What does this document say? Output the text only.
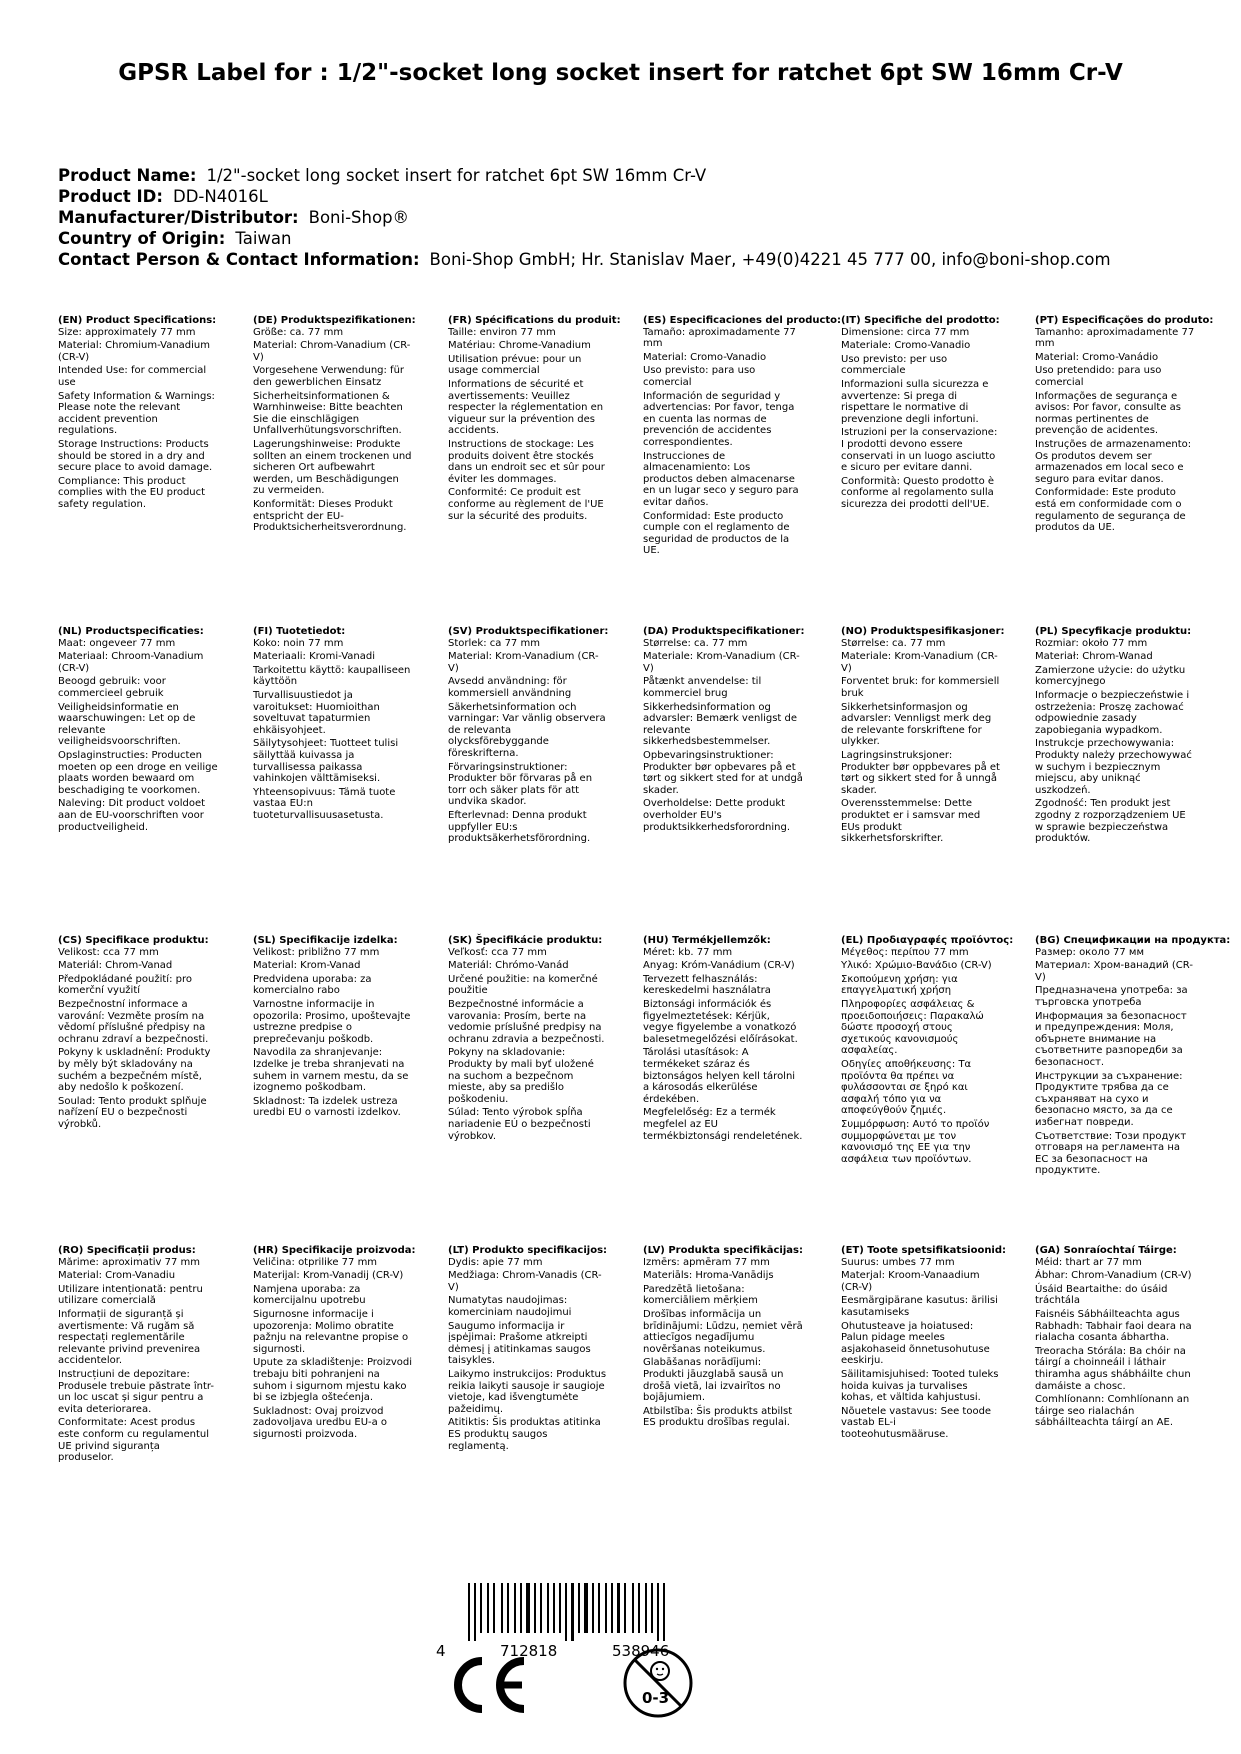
GPSR Label for : 1/2"-socket long socket insert for ratchet 6pt SW 16mm Cr-V
Product Name: 1/2"-socket long socket insert for ratchet 6pt SW 16mm Cr-V
Product ID: DD-N4016L
Manufacturer/Distributor: Boni-Shop®
Country of Origin: Taiwan
Contact Person & Contact Information: Boni-Shop GmbH; Hr. Stanislav Maer, +49(0)4221 45 777 00, info@boni-shop.com
(EN) Product Specifications:
Size: approximately 77 mm
Material: Chromium-Vanadium (CR-V)
Intended Use: for commercial use
Safety Information & Warnings: Please note the relevant accident prevention regulations.
Storage Instructions: Products should be stored in a dry and secure place to avoid damage.
Compliance: This product complies with the EU product safety regulation.
(DE) Produktspezifikationen:
Größe: ca. 77 mm
Material: Chrom-Vanadium (CR-V)
Vorgesehene Verwendung: für den gewerblichen Einsatz
Sicherheitsinformationen & Warnhinweise: Bitte beachten Sie die einschlägigen Unfallverhütungsvorschriften.
Lagerungshinweise: Produkte sollten an einem trockenen und sicheren Ort aufbewahrt werden, um Beschädigungen zu vermeiden.
Konformität: Dieses Produkt entspricht der EU-Produktsicherheitsverordnung.
(FR) Spécifications du produit:
Taille: environ 77 mm
Matériau: Chrome-Vanadium
Utilisation prévue: pour un usage commercial
Informations de sécurité et avertissements: Veuillez respecter la réglementation en vigueur sur la prévention des accidents.
Instructions de stockage: Les produits doivent être stockés dans un endroit sec et sûr pour éviter les dommages.
Conformité: Ce produit est conforme au règlement de l'UE sur la sécurité des produits.
(ES) Especificaciones del producto:
Tamaño: aproximadamente 77 mm
Material: Cromo-Vanadio
Uso previsto: para uso comercial
Información de seguridad y advertencias: Por favor, tenga en cuenta las normas de prevención de accidentes correspondientes.
Instrucciones de almacenamiento: Los productos deben almacenarse en un lugar seco y seguro para evitar daños.
Conformidad: Este producto cumple con el reglamento de seguridad de productos de la UE.
(IT) Specifiche del prodotto:
Dimensione: circa 77 mm
Materiale: Cromo-Vanadio
Uso previsto: per uso commerciale
Informazioni sulla sicurezza e avvertenze: Si prega di rispettare le normative di prevenzione degli infortuni.
Istruzioni per la conservazione: I prodotti devono essere conservati in un luogo asciutto e sicuro per evitare danni.
Conformità: Questo prodotto è conforme al regolamento sulla sicurezza dei prodotti dell'UE.
(PT) Especificações do produto:
Tamanho: aproximadamente 77 mm
Material: Cromo-Vanádio
Uso pretendido: para uso comercial
Informações de segurança e avisos: Por favor, consulte as normas pertinentes de prevenção de acidentes.
Instruções de armazenamento: Os produtos devem ser armazenados em local seco e seguro para evitar danos.
Conformidade: Este produto está em conformidade com o regulamento de segurança de produtos da UE.
(NL) Productspecificaties:
Maat: ongeveer 77 mm
Materiaal: Chroom-Vanadium (CR-V)
Beoogd gebruik: voor commercieel gebruik
Veiligheidsinformatie en waarschuwingen: Let op de relevante veiligheidsvoorschriften.
Opslaginstructies: Producten moeten op een droge en veilige plaats worden bewaard om beschadiging te voorkomen.
Naleving: Dit product voldoet aan de EU-voorschriften voor productveiligheid.
(FI) Tuotetiedot:
Koko: noin 77 mm
Materiaali: Kromi-Vanadi
Tarkoitettu käyttö: kaupalliseen käyttöön
Turvallisuustiedot ja varoitukset: Huomioithan soveltuvat tapaturmien ehkäisyohjeet.
Säilytysohjeet: Tuotteet tulisi säilyttää kuivassa ja turvallisessa paikassa vahinkojen välttämiseksi.
Yhteensopivuus: Tämä tuote vastaa EU:n tuoteturvallisuusasetusta.
(SV) Produktspecifikationer:
Storlek: ca 77 mm
Material: Krom-Vanadium (CR-V)
Avsedd användning: för kommersiell användning
Säkerhetsinformation och varningar: Var vänlig observera de relevanta olycksförebyggande föreskrifterna.
Förvaringsinstruktioner: Produkter bör förvaras på en torr och säker plats för att undvika skador.
Efterlevnad: Denna produkt uppfyller EU:s produktsäkerhetsförordning.
(DA) Produktspecifikationer:
Størrelse: ca. 77 mm
Materiale: Krom-Vanadium (CR-V)
Påtænkt anvendelse: til kommerciel brug
Sikkerhedsinformation og advarsler: Bemærk venligst de relevante sikkerhedsbestemmelser.
Opbevaringsinstruktioner: Produkter bør opbevares på et tørt og sikkert sted for at undgå skader.
Overholdelse: Dette produkt overholder EU's produktsikkerhedsforordning.
(NO) Produktspesifikasjoner:
Størrelse: ca. 77 mm
Materiale: Krom-Vanadium (CR-V)
Forventet bruk: for kommersiell bruk
Sikkerhetsinformasjon og advarsler: Vennligst merk deg de relevante forskriftene for ulykker.
Lagringsinstruksjoner: Produkter bør oppbevares på et tørt og sikkert sted for å unngå skader.
Overensstemmelse: Dette produktet er i samsvar med EUs produkt sikkerhetsforskrifter.
(PL) Specyfikacje produktu:
Rozmiar: około 77 mm
Materiał: Chrom-Wanad
Zamierzone użycie: do użytku komercyjnego
Informacje o bezpieczeństwie i ostrzeżenia: Proszę zachować odpowiednie zasady zapobiegania wypadkom.
Instrukcje przechowywania: Produkty należy przechowywać w suchym i bezpiecznym miejscu, aby uniknąć uszkodzeń.
Zgodność: Ten produkt jest zgodny z rozporządzeniem UE w sprawie bezpieczeństwa produktów.
(CS) Specifikace produktu:
Velikost: cca 77 mm
Materiál: Chrom-Vanad
Předpokládané použití: pro komerční využití
Bezpečnostní informace a varování: Vezměte prosím na vědomí příslušné předpisy na ochranu zdraví a bezpečnosti.
Pokyny k uskladnění: Produkty by měly být skladovány na suchém a bezpečném místě, aby nedošlo k poškození.
Soulad: Tento produkt splňuje nařízení EU o bezpečnosti výrobků.
(SL) Specifikacije izdelka:
Velikost: približno 77 mm
Material: Krom-Vanad
Predvidena uporaba: za komercialno rabo
Varnostne informacije in opozorila: Prosimo, upoštevajte ustrezne predpise o preprečevanju poškodb.
Navodila za shranjevanje: Izdelke je treba shranjevati na suhem in varnem mestu, da se izognemo poškodbam.
Skladnost: Ta izdelek ustreza uredbi EU o varnosti izdelkov.
(SK) Špecifikácie produktu:
Veľkosť: cca 77 mm
Materiál: Chrómo-Vanád
Určené použitie: na komerčné použitie
Bezpečnostné informácie a varovania: Prosím, berte na vedomie príslušné predpisy na ochranu zdravia a bezpečnosti.
Pokyny na skladovanie: Produkty by mali byť uložené na suchom a bezpečnom mieste, aby sa predišlo poškodeniu.
Súlad: Tento výrobok spĺňa nariadenie EÚ o bezpečnosti výrobkov.
(HU) Termékjellemzők:
Méret: kb. 77 mm
Anyag: Króm-Vanádium (CR-V)
Tervezett felhasználás: kereskedelmi használatra
Biztonsági információk és figyelmeztetések: Kérjük, vegye figyelembe a vonatkozó balesetmegelőzési előírásokat.
Tárolási utasítások: A termékeket száraz és biztonságos helyen kell tárolni a károsodás elkerülése érdekében.
Megfelelőség: Ez a termék megfelel az EU termékbiztonsági rendeletének.
(EL) Προδιαγραφές προϊόντος:
Μέγεθος: περίπου 77 mm
Υλικό: Χρώμιο-Βανάδιο (CR-V)
Σκοπούμενη χρήση: για επαγγελματική χρήση
Πληροφορίες ασφάλειας & προειδοποιήσεις: Παρακαλώ δώστε προσοχή στους σχετικούς κανονισμούς ασφαλείας.
Οδηγίες αποθήκευσης: Τα προϊόντα θα πρέπει να φυλάσσονται σε ξηρό και ασφαλή τόπο για να αποφεύγθούν ζημιές.
Συμμόρφωση: Αυτό το προϊόν συμμορφώνεται με τον κανονισμό της ΕΕ για την ασφάλεια των προϊόντων.
(BG) Спецификации на продукта:
Размер: около 77 мм
Материал: Хром-ванадий (CR-V)
Предназначена употреба: за търговска употреба
Информация за безопасност и предупреждения: Моля, обърнете внимание на съответните разпоредби за безопасност.
Инструкции за съхранение: Продуктите трябва да се съхраняват на сухо и безопасно място, за да се избегнат повреди.
Съответствие: Този продукт отговаря на регламента на ЕС за безопасност на продуктите.
(RO) Specificații produs:
Mărime: aproximativ 77 mm
Material: Crom-Vanadiu
Utilizare intenționată: pentru utilizare comercială
Informații de siguranță și avertismente: Vă rugăm să respectați reglementările relevante privind prevenirea accidentelor.
Instrucțiuni de depozitare: Produsele trebuie păstrate într-un loc uscat și sigur pentru a evita deteriorarea.
Conformitate: Acest produs este conform cu regulamentul UE privind siguranța produselor.
(HR) Specifikacije proizvoda:
Veličina: otprilike 77 mm
Materijal: Krom-Vanadij (CR-V)
Namjena uporaba: za komercijalnu upotrebu
Sigurnosne informacije i upozorenja: Molimo obratite pažnju na relevantne propise o sigurnosti.
Upute za skladištenje: Proizvodi trebaju biti pohranjeni na suhom i sigurnom mjestu kako bi se izbjegla oštećenja.
Sukladnost: Ovaj proizvod zadovoljava uredbu EU-a o sigurnosti proizvoda.
(LT) Produkto specifikacijos:
Dydis: apie 77 mm
Medžiaga: Chrom-Vanadis (CR-V)
Numatytas naudojimas: komerciniam naudojimui
Saugumo informacija ir įspėjimai: Prašome atkreipti dėmesį į atitinkamas saugos taisykles.
Laikymo instrukcijos: Produktus reikia laikyti sausoje ir saugioje vietoje, kad išvengtumėte pažeidimų.
Atitiktis: Šis produktas atitinka ES produktų saugos reglamentą.
(LV) Produkta specifikācijas:
Izmērs: apmēram 77 mm
Materiāls: Hroma-Vanādijs
Paredzētā lietošana: komerciāliem mērķiem
Drošības informācija un brīdinājumi: Lūdzu, ņemiet vērā attiecīgos negadījumu novēršanas noteikumus.
Glabāšanas norādījumi: Produkti jāuzglabā sausā un drošā vietā, lai izvairītos no bojājumiem.
Atbilstība: Šis produkts atbilst ES produktu drošības regulai.
(ET) Toote spetsifikatsioonid:
Suurus: umbes 77 mm
Materjal: Kroom-Vanaadium (CR-V)
Eesmärgipärane kasutus: ärilisi kasutamiseks
Ohutusteave ja hoiatused: Palun pidage meeles asjakohaseid õnnetusohutuse eeskirju.
Säilitamisjuhised: Tooted tuleks hoida kuivas ja turvalises kohas, et vältida kahjustusi.
Nõuetele vastavus: See toode vastab EL-i tooteohutusmääruse.
(GA) Sonraíochtaí Táirge:
Méid: thart ar 77 mm
Ábhar: Chrom-Vanadium (CR-V)
Úsáid Beartaithe: do úsáid tráchtála
Faisnéis Sábháilteachta agus Rabhadh: Tabhair faoi deara na rialacha cosanta ábhartha.
Treoracha Stórála: Ba chóir na táirgí a choinneáil i láthair thiramha agus shábháilte chun damáiste a chosc.
Comhlíonann: Comhlíonann an táirge seo rialachán sábháilteachta táirgí an AE.
4	712818	538946
0-3
